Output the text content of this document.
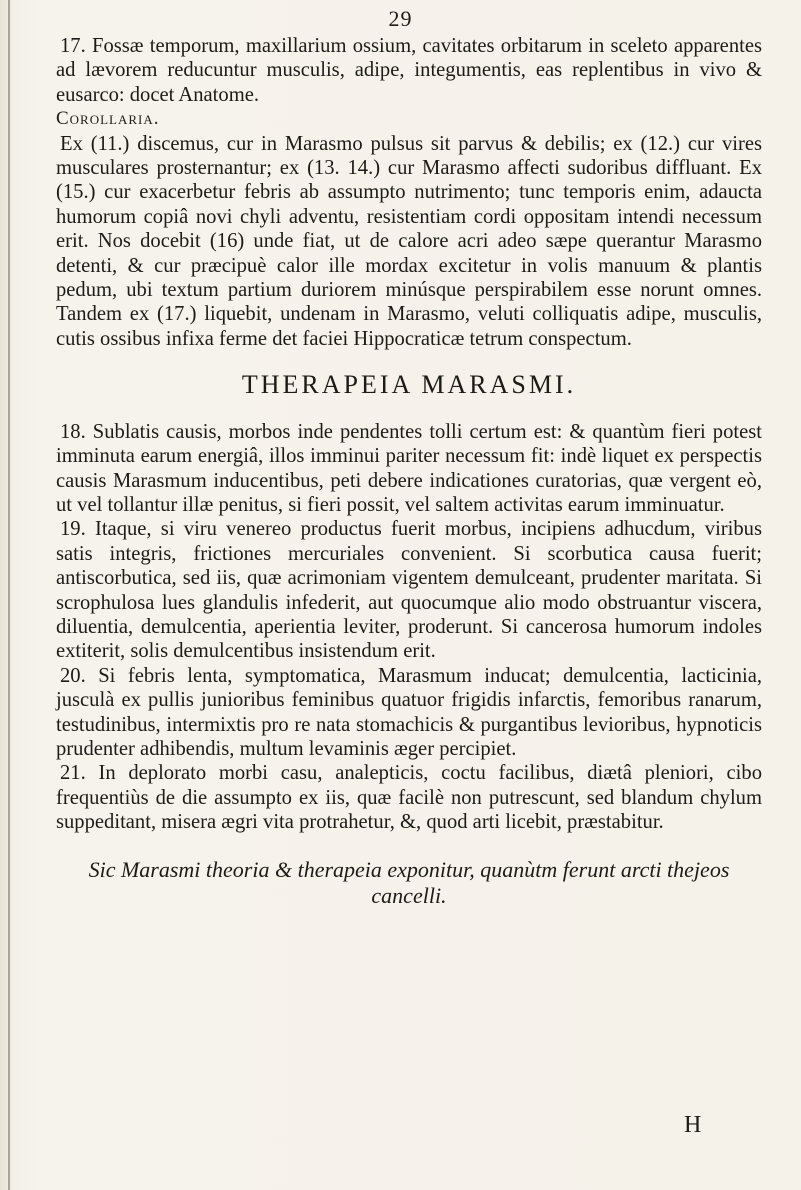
29

17. Fossæ temporum, maxillarium ossium, cavitates orbitarum in sceleto apparentes ad lævorem reducuntur musculis, adipe, integumentis, eas replentibus in vivo & eusarco: docet Anatome.

Corollaria.

Ex (11.) discemus, cur in Marasmo pulsus sit parvus & debilis; ex (12.) cur vires musculares prosternantur; ex (13. 14.) cur Marasmo affecti sudoribus diffluant. Ex (15.) cur exacerbetur febris ab assumpto nutrimento; tunc temporis enim, adaucta humorum copiâ novi chyli adventu, resistentiam cordi oppositam intendi necessum erit. Nos docebit (16) unde fiat, ut de calore acri adeo sæpe querantur Marasmo detenti, & cur præcipuè calor ille mordax excitetur in volis manuum & plantis pedum, ubi textum partium duriorem minúsque perspirabilem esse norunt omnes. Tandem ex (17.) liquebit, undenam in Marasmo, veluti colliquatis adipe, musculis, cutis ossibus infixa ferme det faciei Hippocraticæ tetrum conspectum.

THERAPEIA MARASMI.

18. Sublatis causis, morbos inde pendentes tolli certum est: & quantùm fieri potest imminuta earum energiâ, illos imminui pariter necessum fit: indè liquet ex perspectis causis Marasmum inducentibus, peti debere indicationes curatorias, quæ vergent eò, ut vel tollantur illæ penitus, si fieri possit, vel saltem activitas earum imminuatur.

19. Itaque, si viru venereo productus fuerit morbus, incipiens adhucdum, viribus satis integris, frictiones mercuriales convenient. Si scorbutica causa fuerit; antiscorbutica, sed iis, quæ acrimoniam vigentem demulceant, prudenter maritata. Si scrophulosa lues glandulis infederit, aut quocumque alio modo obstruantur viscera, diluentia, demulcentia, aperientia leviter, proderunt. Si cancerosa humorum indoles extiterit, solis demulcentibus insistendum erit.

20. Si febris lenta, symptomatica, Marasmum inducat; demulcentia, lacticinia, jusculà ex pullis junioribus feminibus quatuor frigidis infarctis, femoribus ranarum, testudinibus, intermixtis pro re nata stomachicis & purgantibus levioribus, hypnoticis prudenter adhibendis, multum levaminis æger percipiet.

21. In deplorato morbi casu, analepticis, coctu facilibus, diætâ pleniori, cibo frequentiùs de die assumpto ex iis, quæ facilè non putrescunt, sed blandum chylum suppeditant, misera ægri vita protrahetur, &, quod arti licebit, præstabitur.

Sic Marasmi theoria & therapeia exponitur, quanùtm ferunt arcti thejeos cancelli.

H
